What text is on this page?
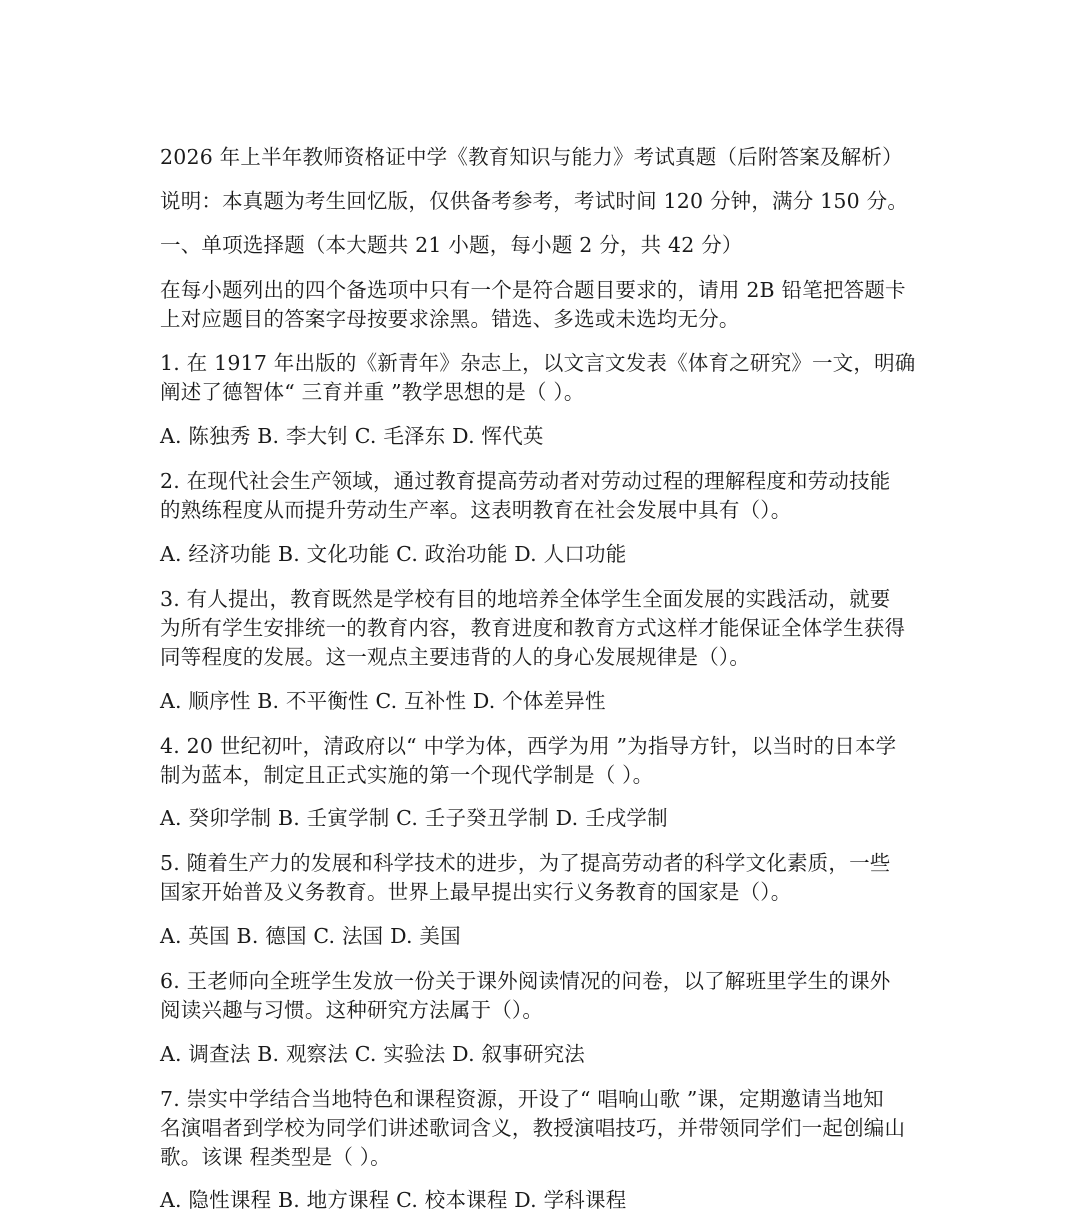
2026 年上半年教师资格证中学《教育知识与能力》考试真题（后附答案及解析）
说明：本真题为考生回忆版，仅供备考参考，考试时间 120 分钟，满分 150 分。
一、单项选择题（本大题共 21 小题，每小题 2 分，共 42 分）
在每小题列出的四个备选项中只有一个是符合题目要求的，请用 2B 铅笔把答题卡
上对应题目的答案字母按要求涂黑。错选、多选或未选均无分。
1. 在 1917 年出版的《新青年》杂志上，以文言文发表《体育之研究》一文，明确
阐述了德智体“ 三育并重 ”教学思想的是（ ）。
A. 陈独秀 B. 李大钊 C. 毛泽东 D. 恽代英
2. 在现代社会生产领域，通过教育提高劳动者对劳动过程的理解程度和劳动技能
的熟练程度从而提升劳动生产率。这表明教育在社会发展中具有（）。
A. 经济功能 B. 文化功能 C. 政治功能 D. 人口功能
3. 有人提出，教育既然是学校有目的地培养全体学生全面发展的实践活动，就要
为所有学生安排统一的教育内容，教育进度和教育方式这样才能保证全体学生获得
同等程度的发展。这一观点主要违背的人的身心发展规律是（）。
A. 顺序性 B. 不平衡性 C. 互补性 D. 个体差异性
4. 20 世纪初叶，清政府以“ 中学为体，西学为用 ”为指导方针，以当时的日本学
制为蓝本，制定且正式实施的第一个现代学制是（ ）。
A. 癸卯学制 B. 壬寅学制 C. 壬子癸丑学制 D. 壬戌学制
5. 随着生产力的发展和科学技术的进步，为了提高劳动者的科学文化素质，一些
国家开始普及义务教育。世界上最早提出实行义务教育的国家是（）。
A. 英国 B. 德国 C. 法国 D. 美国
6. 王老师向全班学生发放一份关于课外阅读情况的问卷，以了解班里学生的课外
阅读兴趣与习惯。这种研究方法属于（）。
A. 调查法 B. 观察法 C. 实验法 D. 叙事研究法
7. 崇实中学结合当地特色和课程资源，开设了“ 唱响山歌 ”课，定期邀请当地知
名演唱者到学校为同学们讲述歌词含义，教授演唱技巧，并带领同学们一起创编山
歌。该课 程类型是（ ）。
A. 隐性课程 B. 地方课程 C. 校本课程 D. 学科课程
